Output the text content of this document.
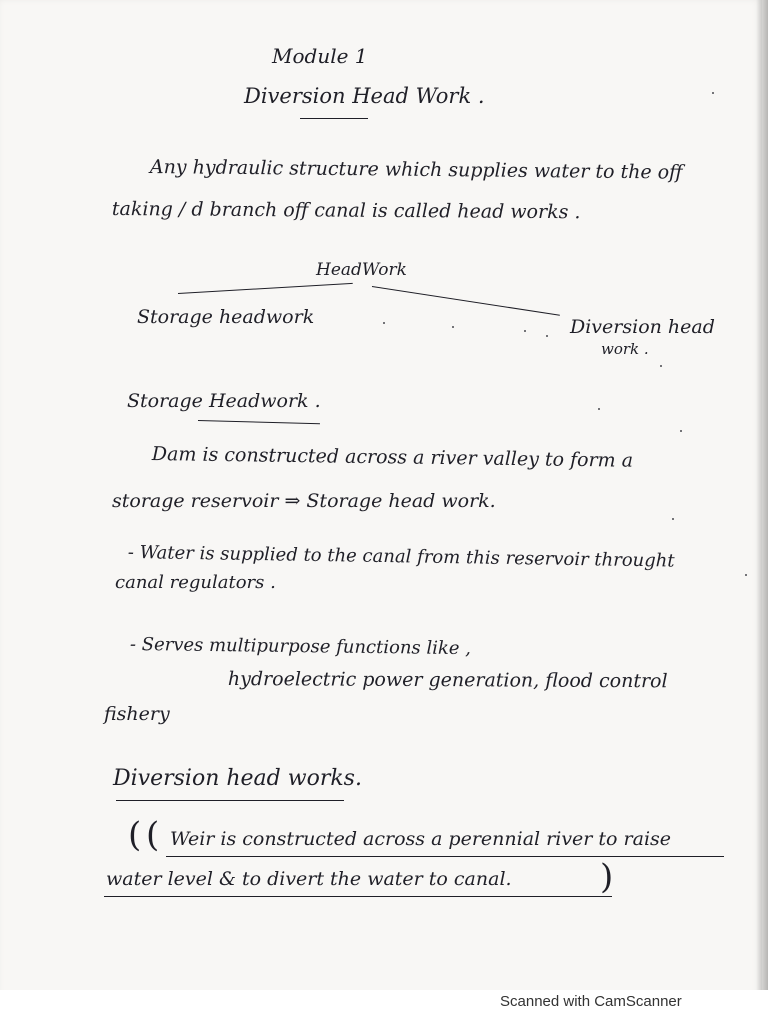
Module 1
Diversion Head Work .
Any hydraulic structure which supplies water to the off
taking / d branch off canal is called head works .
HeadWork
Storage headwork	Diversion head
work .
Storage Headwork .
Dam is constructed across a river valley to form a
storage reservoir ⇒ Storage head work.
- Water is supplied to the canal from this reservoir throught
canal regulators .
- Serves multipurpose functions like ,
hydroelectric power generation, flood control
fishery
Diversion head works.
( ( Weir is constructed across a perennial river to raise
water level & to divert the water to canal.	)
Scanned with CamScanner
